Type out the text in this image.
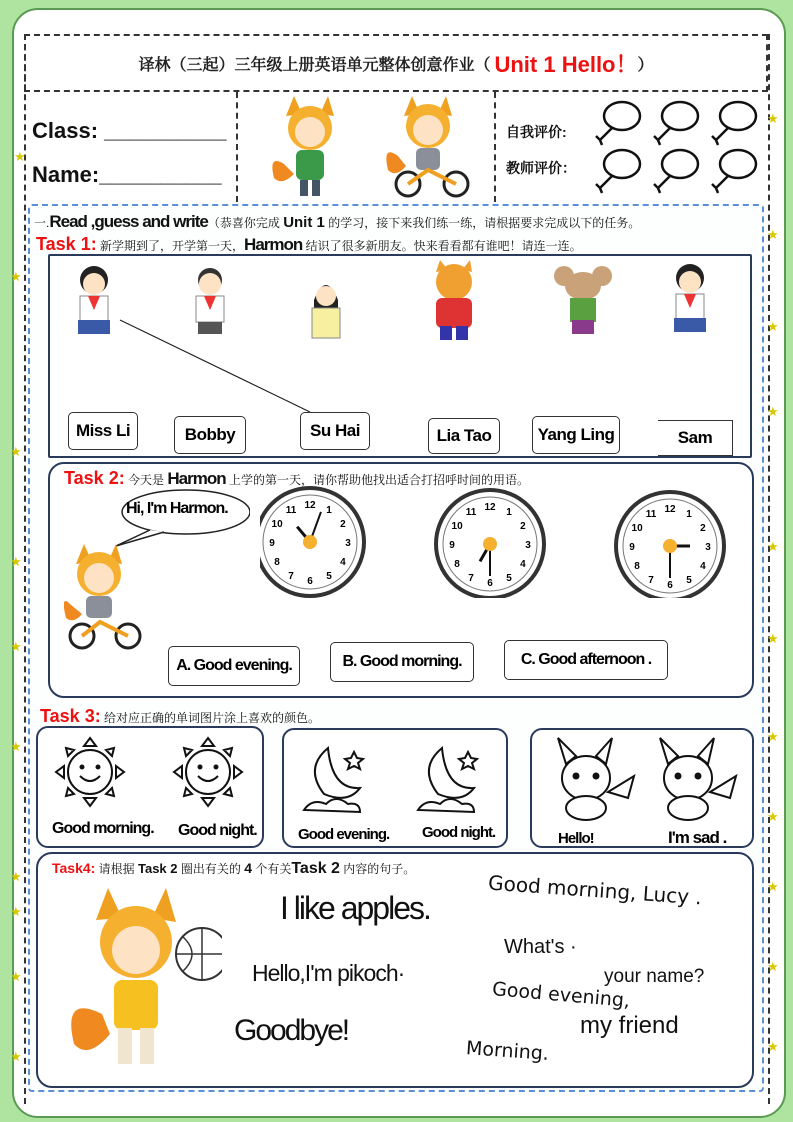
★
★
★
★
★
★
★
★
★
★
★
★
★
★
★
★
★
★
★
★
★
译林（三起）三年级上册英语单元整体创意作业（ Unit 1 Hello！ ）
Class: __________
Name:__________
自我评价:
教师评价：
一.Read ,guess and write（恭喜你完成 Unit 1 的学习，接下来我们练一练，请根据要求完成以下的任务。
Task 1: 新学期到了，开学第一天，Harmon 结识了很多新朋友。快来看看都有谁吧！请连一连。
Miss Li	Bobby	Su Hai	Lia Tao	Yang Ling	Sam
Task 2: 今天是 Harmon 上学的第一天，请你帮助他找出适合打招呼时间的用语。
Hi, I'm Harmon.	12 1
2
3
4
5
6
7
8
9
10
11	12 1
2
3
4
5
6
7
8
9
10
11	12 1
2
3
4
5
6
7
8
9
10
11
A. Good evening.	B. Good morning.	C. Good afternoon .
Task 3: 给对应正确的单词图片涂上喜欢的颜色。
Good morning. Good night.	Good evening. Good night.	Hello!	I'm sad .
Task4: 请根据 Task 2 圈出有关的 4 个有关Task 2 内容的句子。
I like apples.	Good morning, Lucy .
What's ·
Hello,I'm pikoch·	your name?
Good evening,
Goodbye!	my friend
Morning.
